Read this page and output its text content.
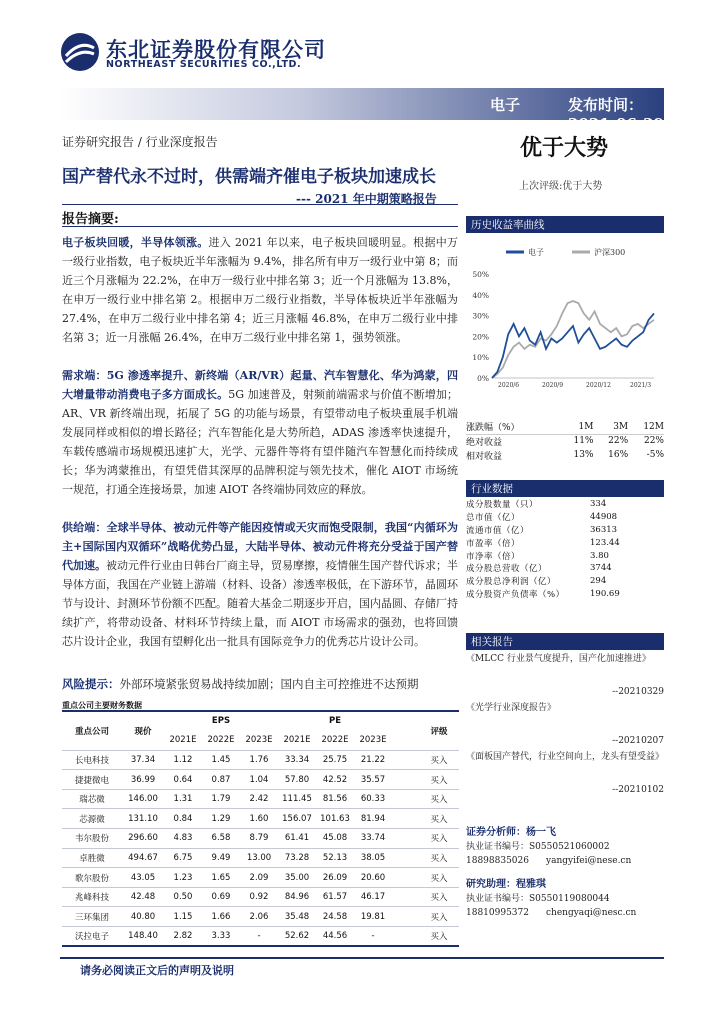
东北证券股份有限公司
NORTHEAST SECURITIES CO.,LTD.
电子	发布时间：2021-06-29
证券研究报告 / 行业深度报告	优于大势
上次评级:优于大势
国产替代永不过时，供需端齐催电子板块加速成长
--- 2021 年中期策略报告
报告摘要:

电子板块回暖，半导体领涨。进入 2021 年以来，电子板块回暖明显。根据中万一级行业指数，电子板块近半年涨幅为 9.4%，排名所有申万一级行业中第 8；而近三个月涨幅为 22.2%，在申万一级行业中排名第 3；近一个月涨幅为 13.8%，在申万一级行业中排名第 2。根据申万二级行业指数，半导体板块近半年涨幅为 27.4%，在申万二级行业中排名第 4；近三月涨幅 46.8%，在申万二级行业中排名第 3；近一月涨幅 26.4%，在申万二级行业中排名第 1，强势领涨。

需求端：5G 渗透率提升、新终端（AR/VR）起量、汽车智慧化、华为鸿蒙，四大增量带动消费电子多方面成长。5G 加速普及，射频前端需求与价值不断增加；AR、VR 新终端出现，拓展了 5G 的功能与场景，有望带动电子板块重展手机端发展同样或相似的增长路径；汽车智能化是大势所趋，ADAS 渗透率快速提升，车载传感端市场规模迅速扩大，光学、元器件等将有望伴随汽车智慧化而持续成长；华为鸿蒙推出，有望凭借其深厚的品牌积淀与领先技术，催化 AIOT 市场统一规范，打通全连接场景，加速 AIOT 各终端协同效应的释放。

供给端：全球半导体、被动元件等产能因疫情或天灾而饱受限制，我国“内循环为主+国际国内双循环”战略优势凸显，大陆半导体、被动元件将充分受益于国产替代加速。被动元件行业由日韩台厂商主导，贸易摩擦，疫情催生国产替代诉求；半导体方面，我国在产业链上游端（材料、设备）渗透率极低，在下游环节，晶圆环节与设计、封测环节份额不匹配。随着大基金二期逐步开启，国内晶圆、存储厂持续扩产，将带动设备、材料环节持续上量，而 AIOT 市场需求的强劲，也将回馈芯片设计企业，我国有望孵化出一批具有国际竞争力的优秀芯片设计公司。

风险提示：外部环境紧张贸易战持续加剧；国内自主可控推进不达预期
重点公司主要财务数据
重点公司	现价	EPS			PE				评级
		2021E	2022E	2023E	2021E	2022E	2023E		
长电科技	37.34	1.12	1.45	1.76	33.34	25.75	21.22		买入
捷捷微电	36.99	0.64	0.87	1.04	57.80	42.52	35.57		买入
瑞芯微	146.00	1.31	1.79	2.42	111.45	81.56	60.33		买入
芯源微	131.10	0.84	1.29	1.60	156.07	101.63	81.94		买入
韦尔股份	296.60	4.83	6.58	8.79	61.41	45.08	33.74		买入
卓胜微	494.67	6.75	9.49	13.00	73.28	52.13	38.05		买入
歌尔股份	43.05	1.23	1.65	2.09	35.00	26.09	20.60		买入
兆峰科技	42.48	0.50	0.69	0.92	84.96	61.57	46.17		买入
三环集团	40.80	1.15	1.66	2.06	35.48	24.58	19.81		买入
沃拉电子	148.40	2.82	3.33	-	52.62	44.56	-		买入
历史收益率曲线
电子	沪深300
0%
10%
20%
30%
40%
50%
2020/6	2020/9	2020/12	2021/3
涨跌幅（%）	1M	3M	12M
绝对收益	11%	22%	22%
相对收益	13%	16%	-5%
行业数据
成分股数量（只）	334
总市值（亿）	44908
流通市值（亿）	36313
市盈率（倍）	123.44
市净率（倍）	3.80
成分股总营收（亿）	3744
成分股总净利润（亿）	294
成分股资产负债率（%）	190.69
相关报告
《MLCC 行业景气度提升，国产化加速推进》
--20210329
《光学行业深度报告》
--20210207
《面板国产替代，行业空间向上，龙头有望受益》
--20210102
证券分析师：杨一飞
执业证书编号：S0550521060002
18898835026 yangyifei@nese.cn
研究助理：程雅琪
执业证书编号：S0550119080044
18810995372 chengyaqi@nesc.cn
请务必阅读正文后的声明及说明
